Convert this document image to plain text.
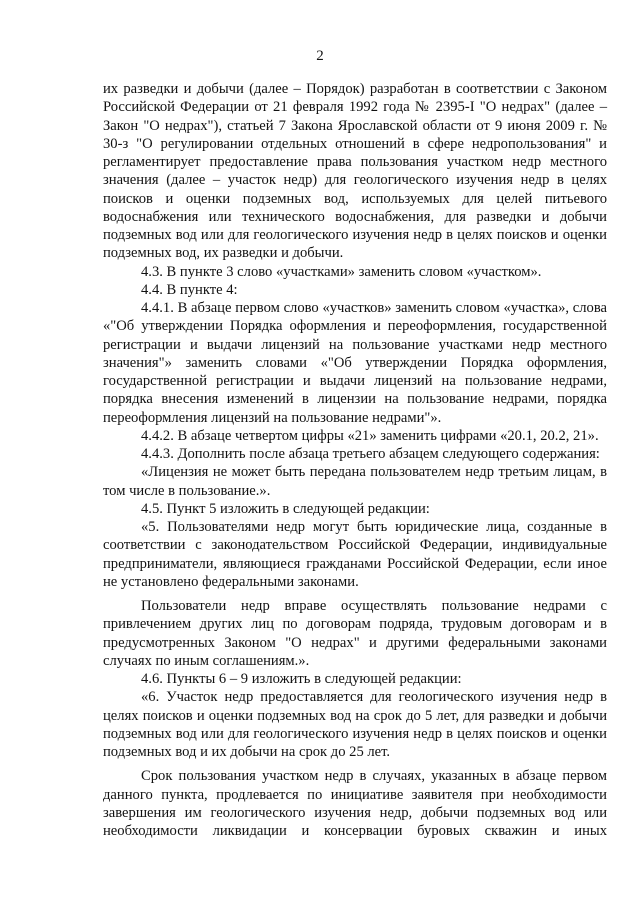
2

их разведки и добычи (далее – Порядок) разработан в соответствии с Законом Российской Федерации от 21 февраля 1992 года № 2395-I "О недрах" (далее – Закон "О недрах"), статьей 7 Закона Ярославской области от 9 июня 2009 г. № 30-з "О регулировании отдельных отношений в сфере недропользования" и регламентирует предоставление права пользования участком недр местного значения (далее – участок недр) для геологического изучения недр в целях поисков и оценки подземных вод, используемых для целей питьевого водоснабжения или технического водоснабжения, для разведки и добычи подземных вод или для геологического изучения недр в целях поисков и оценки подземных вод, их разведки и добычи.

4.3. В пункте 3 слово «участками» заменить словом «участком».

4.4. В пункте 4:

4.4.1. В абзаце первом слово «участков» заменить словом «участка», слова «"Об утверждении Порядка оформления и переоформления, государственной регистрации и выдачи лицензий на пользование участками недр местного значения"» заменить словами «"Об утверждении Порядка оформления, государственной регистрации и выдачи лицензий на пользование недрами, порядка внесения изменений в лицензии на пользование недрами, порядка переоформления лицензий на пользование недрами"».

4.4.2. В абзаце четвертом цифры «21» заменить цифрами «20.1, 20.2, 21».

4.4.3. Дополнить после абзаца третьего абзацем следующего содержания:

«Лицензия не может быть передана пользователем недр третьим лицам, в том числе в пользование.».

4.5. Пункт 5 изложить в следующей редакции:

«5. Пользователями недр могут быть юридические лица, созданные в соответствии с законодательством Российской Федерации, индивидуальные предприниматели, являющиеся гражданами Российской Федерации, если иное не установлено федеральными законами.

Пользователи недр вправе осуществлять пользование недрами с привлечением других лиц по договорам подряда, трудовым договорам и в предусмотренных Законом "О недрах" и другими федеральными законами случаях по иным соглашениям.».

4.6. Пункты 6 – 9 изложить в следующей редакции:

«6. Участок недр предоставляется для геологического изучения недр в целях поисков и оценки подземных вод на срок до 5 лет, для разведки и добычи подземных вод или для геологического изучения недр в целях поисков и оценки подземных вод и их добычи на срок до 25 лет.

Срок пользования участком недр в случаях, указанных в абзаце первом данного пункта, продлевается по инициативе заявителя при необходимости завершения им геологического изучения недр, добычи подземных вод или необходимости ликвидации и консервации буровых скважин и иных
